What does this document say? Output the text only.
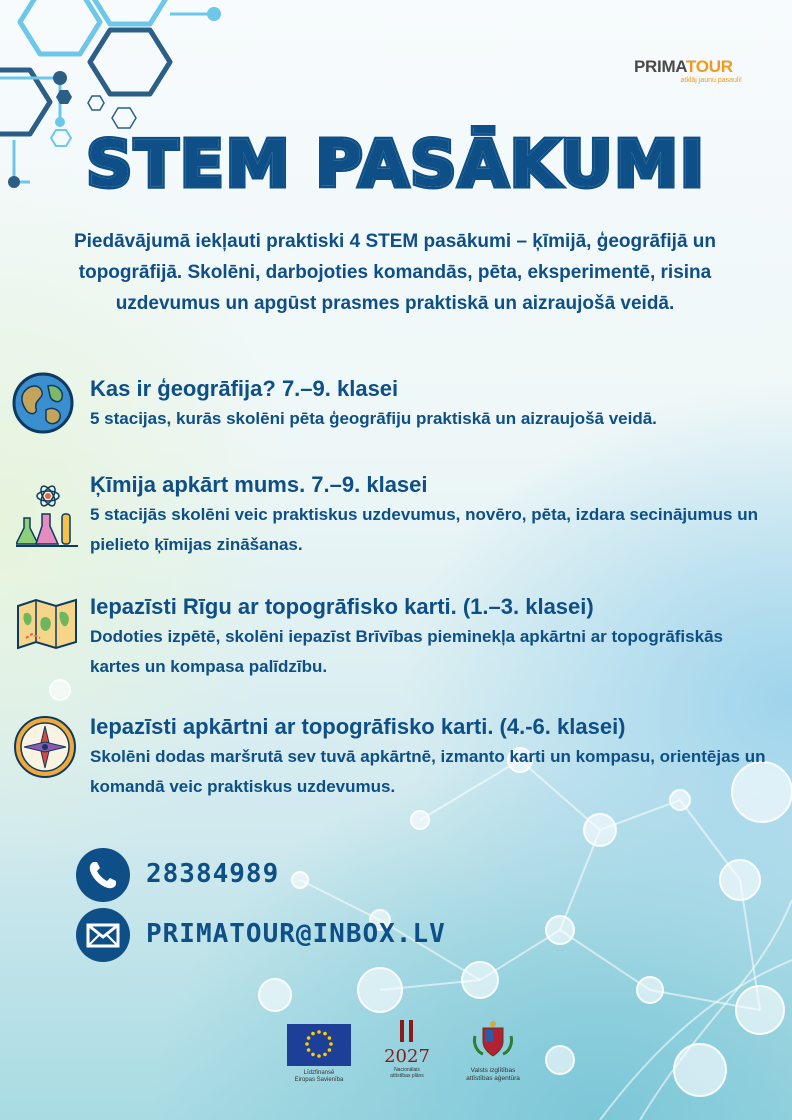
PRIMATOUR
atklāj jaunu pasauli!
STEM PASĀKUMI
Piedāvājumā iekļauti praktiski 4 STEM pasākumi – ķīmijā, ģeogrāfijā un topogrāfijā. Skolēni, darbojoties komandās, pēta, eksperimentē, risina uzdevumus un apgūst prasmes praktiskā un aizraujošā veidā.
Kas ir ģeogrāfija? 7.–9. klasei
5 stacijas, kurās skolēni pēta ģeogrāfiju praktiskā un aizraujošā veidā.
Ķīmija apkārt mums. 7.–9. klasei
5 stacijās skolēni veic praktiskus uzdevumus, novēro, pēta, izdara secinājumus un pielieto ķīmijas zināšanas.
Iepazīsti Rīgu ar topogrāfisko karti. (1.–3. klasei)
Dodoties izpētē, skolēni iepazīst Brīvības pieminekļa apkārtni ar topogrāfiskās kartes un kompasa palīdzību.
Iepazīsti apkārtni ar topogrāfisko karti. (4.-6. klasei)
Skolēni dodas maršrutā sev tuvā apkārtnē, izmanto karti un kompasu, orientējas un komandā veic praktiskus uzdevumus.
28384989
PRIMATOUR@INBOX.LV
Līdzfinansē
Eiropas Savienība
2027
Nacionālais
attīstības plāns
Valsts izglītības
attīstības aģentūra
